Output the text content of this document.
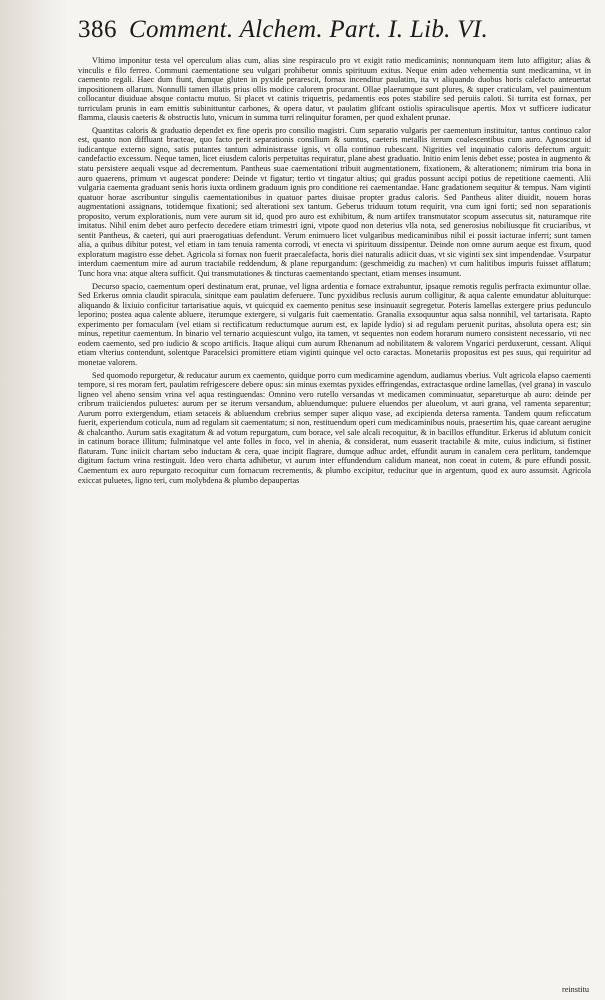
386 Comment. Alchem. Part. I. Lib. VI.

Vltimo imponitur testa vel operculum alias cum, alias sine respiraculo pro vt exigit ratio medicaminis; nonnunquam item luto affigitur; alias & vinculis e filo ferreo. Communi caementatione seu vulgari prohibetur omnis spirituum exitus. Neque enim adeo vehementia sunt medicamina, vt in caemento regali. Haec dum fiunt, dumque gluten in pyxide perarescit, fornax incenditur paulatim, ita vt aliquando duobus horis calefacto anteuertat impositionem ollarum. Nonnulli tamen illatis prius ollis modice calorem procurant. Ollae plaerumque sunt plures, & super craticulam, vel pauimentum collocantur diuiduae absque contactu mutuo. Si placet vt catinis triquetris, pedamentis eos potes stabilire sed peruiis caloti. Si turrita est fornax, per turriculam prunis in eam emittis subinittuntur carbones, & opera datur, vt paulatim glifcant ostiolis spiraculisque apertis. Mox vt sufficere iudicatur flamma, clausis caeteris & obstructis luto, vnicum in summa turri relinquitur foramen, per quod exhalent prunae.

Quantitas caloris & graduatio dependet ex fine operis pro consilio magistri. Cum separatio vulgaris per caementum instituitur, tantus continuo calor est, quanto non diffluant bracteae, quo facto perit separationis consilium & sumtus, caeteris metallis iterum coalescentibus cum auro. Agnoscunt id iudicantque externo signo, satis putantes tantum administrasse ignis, vt olla continuo rubescant. Nigrities vel inquinatio caloris defectum arguit: candefactio excessum. Neque tamen, licet eiusdem caloris perpetuitas requiratur, plane abest graduatio. Initio enim lenis debet esse; postea in augmento & statu persistere aequali vsque ad decrementum. Pantheus suae caementationi tribuit augmentationem, fixationem, & alterationem; nimirum tria bona in auro quaerens, primum vt augescat pondere: Deinde vt figatur; tertio vt tingatur altius; qui gradus possunt accipi potius de repetitione caementi. Alii vulgaria caementa graduant senis horis iuxta ordinem graduum ignis pro conditione rei caementandae. Hanc gradationem sequitur & tempus. Nam viginti quatuor horae ascribuntur singulis caementationibus in quatuor partes diuisae propter gradus caloris. Sed Pantheus aliter diuidit, nouem horas augmentationi assignans, totidemque fixationi; sed alterationi sex tantum. Geberus triduum totum requirit, vna cum igni forti; sed non separationis proposito, verum explorationis, num vere aurum sit id, quod pro auro est exhibitum, & num artifex transmutator scopum assecutus sit, naturamque rite imitatus. Nihil enim debet auro perfecto decedere etiam trimestri igni, vtpote quod non deterius vlla nota, sed generosius nobiliusque fit cruciaribus, vt sentit Pantheus, & caeteri, qui auri praerogatiuas defendunt. Verum enimuero licet vulgaribus medicaminibus nihil ei possit iacturae inferri; sunt tamen alia, a quibus dibitur potest, vel etiam in tam tenuia ramenta corrodi, vt enecta vi spirituum dissipentur. Deinde non omne aurum aeque est fixum, quod exploratum magistro esse debet. Agricola si fornax non fuerit praecalefacta, horis diei naturalis adiicit duas, vt sic viginti sex sint impendendae. Vsurpatur interdum caementum mire ad aurum tractabile reddendum, & plane repurgandum: (geschmeidig zu machen) vt cum halitibus impuris fuisset afflatum; Tunc hora vna: atque altera sufficit. Qui transmutationes & tincturas caementando spectant, etiam menses insumunt.

Decurso spacio, caementum operi destinatum erat, prunae, vel ligna ardentia e fornace extrahuntur, ipsaque remotis regulis perfracta eximuntur ollae. Sed Erkerus omnia claudit spiracula, sinitque eam paulatim deferuere. Tunc pyxidibus reclusis aurum colligitur, & aqua calente emundatur abluiturque: aliquando & lixiuio conficitur tartarisatiue aquis, vt quicquid ex caemento penitus sese insinuauit segregetur. Poteris lamellas extergere prius pedunculo leporino; postea aqua calente abluere, iterumque extergere, si vulgaris fuit caementatio. Granalia exsoquuntur aqua salsa nonnihil, vel tartarisata. Rapto experimento per fornaculam (vel etiam si rectificatum reductumque aurum est, ex lapide lydio) si ad regulam peruenit puritas, absoluta opera est; sin minus, repetitur caementum. In binario vel ternario acquiescunt vulgo, ita tamen, vt sequentes non eodem horarum numero consistent necessario, vti nec eodem caemento, sed pro iudicio & scopo artificis. Itaque aliqui cum aurum Rhenanum ad nobilitatem & valorem Vngarici perduxerunt, cessant. Aliqui etiam vlterius contendunt, solentque Paracelsici promittere etiam viginti quinque vel octo caractas. Monetariis propositus est pes suus, qui requiritur ad monetae valorem.

Sed quomodo repurgetur, & reducatur aurum ex caemento, quidque porro cum medicamine agendum, audiamus vberius. Vult agricola elapso caementi tempore, si res moram fert, paulatim refrigescere debere opus: sin minus exemtas pyxides effringendas, extractasque ordine lamellas, (vel grana) in vasculo ligneo vel aheno sensim vrina vel aqua restinguendas: Omnino vero rutello versandas vt medicamen comminuatur, separeturque ab auro: deinde per cribrum traiiciendos puluetes: aurum per se iterum versandum, abluendumque: puluere eluendos per alueolum, vt auri grana, vel ramenta separentur; Aurum porro extergendum, etiam setaceis & abluendum crebrius semper super aliquo vase, ad excipienda detersa ramenta. Tandem quum reficcatum fuerit, experiendum coticula, num ad regulam sit caementatum; si non, restituendum operi cum medicaminibus nouis, praesertim his, quae careant aerugine & chalcantho. Aurum satis exagitatum & ad votum repurgatum, cum borace, vel sale alcali recoquitur, & in bacillos effunditur. Erkerus id ablutum conicit in catinum borace illitum; fulminatque vel ante folles in foco, vel in ahenia, & considerat, num euaserit tractabile & mite, cuius indicium, si fistiner flaturam. Tunc iniicit chartam sebo inductam & cera, quae incipit flagrare, dumque adhuc ardet, effundit aurum in canalem cera perlitum, tandemque digitum factum vrina restinguit. Ideo vero charta adhibetur, vt aurum inter effundendum calidum maneat, non coeat in cutem, & pure effundi possit. Caementum ex auro repurgato recoquitur cum fornacum recrementis, & plumbo excipitur, reducitur que in argentum, quod ex auro assumsit. Agricola exiccat puluetes, ligno teri, cum molybdena & plumbo depaupertas

reinstitu
